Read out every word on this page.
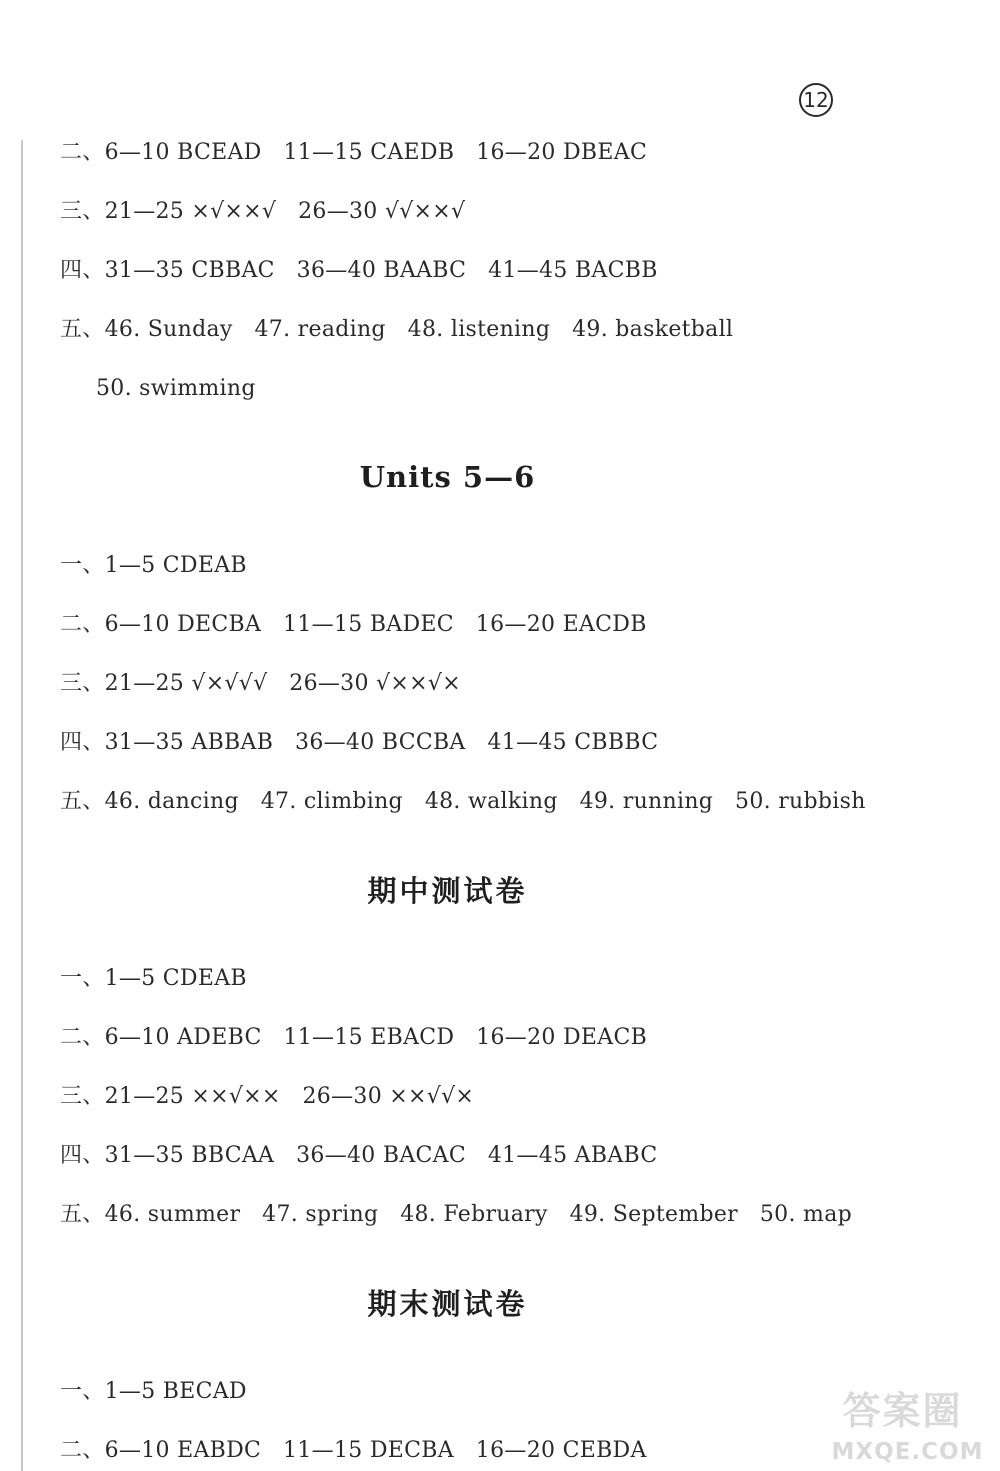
12
二、6—10 BCEAD   11—15 CAEDB   16—20 DBEAC
三、21—25 ×√××√   26—30 √√××√
四、31—35 CBBAC   36—40 BAABC   41—45 BACBB
五、46. Sunday   47. reading   48. listening   49. basketball
50. swimming
Units 5—6
一、1—5 CDEAB
二、6—10 DECBA   11—15 BADEC   16—20 EACDB
三、21—25 √×√√√   26—30 √××√×
四、31—35 ABBAB   36—40 BCCBA   41—45 CBBBC
五、46. dancing   47. climbing   48. walking   49. running   50. rubbish
期中测试卷
一、1—5 CDEAB
二、6—10 ADEBC   11—15 EBACD   16—20 DEACB
三、21—25 ××√××   26—30 ××√√×
四、31—35 BBCAA   36—40 BACAC   41—45 ABABC
五、46. summer   47. spring   48. February   49. September   50. map
期末测试卷
一、1—5 BECAD
二、6—10 EABDC   11—15 DECBA   16—20 CEBDA
答案圈
MXQE.COM
